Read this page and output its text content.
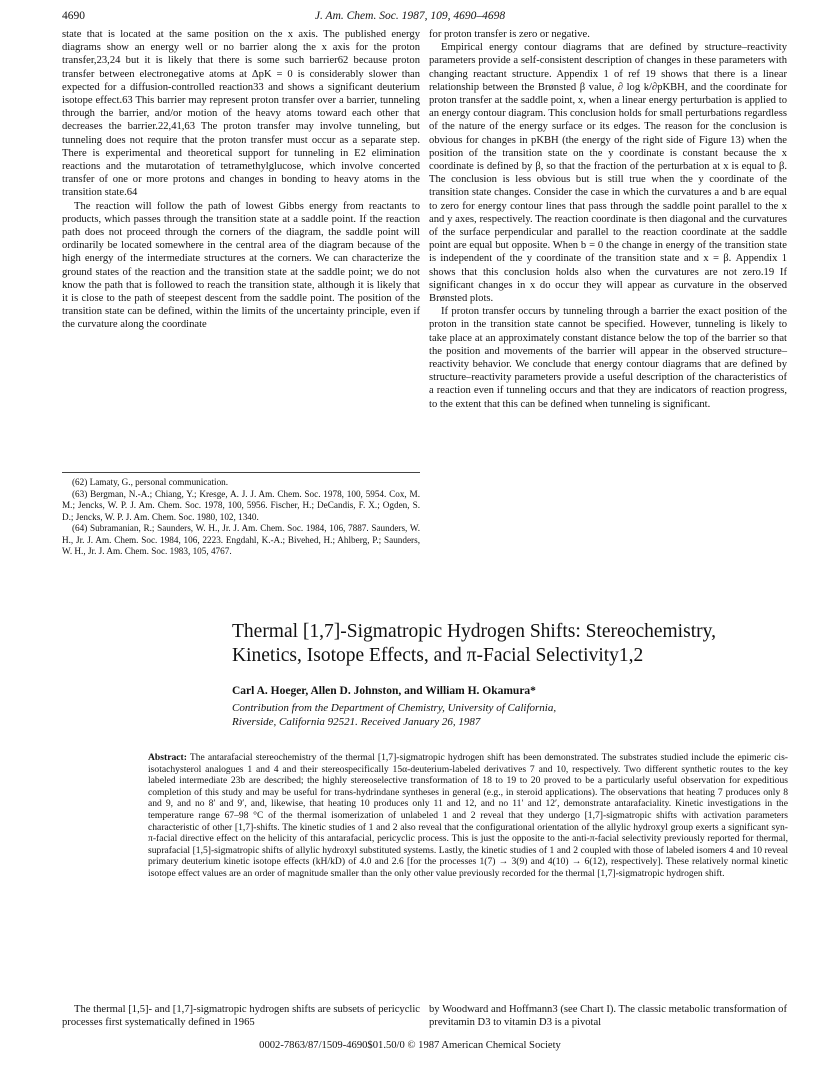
4690	J. Am. Chem. Soc. 1987, 109, 4690–4698

state that is located at the same position on the x axis. The published energy diagrams show an energy well or no barrier along the x axis for the proton transfer,23,24 but it is likely that there is some such barrier62 because proton transfer between electronegative atoms at ΔpK = 0 is considerably slower than expected for a diffusion-controlled reaction33 and shows a significant deuterium isotope effect.63 This barrier may represent proton transfer over a barrier, tunneling through the barrier, and/or motion of the heavy atoms toward each other that decreases the barrier.22,41,63 The proton transfer may involve tunneling, but tunneling does not require that the proton transfer must occur as a separate step. There is experimental and theoretical support for tunneling in E2 elimination reactions and the mutarotation of tetramethylglucose, which involve concerted transfer of one or more protons and changes in bonding to heavy atoms in the transition state.64

The reaction will follow the path of lowest Gibbs energy from reactants to products, which passes through the transition state at a saddle point. If the reaction path does not proceed through the corners of the diagram, the saddle point will ordinarily be located somewhere in the central area of the diagram because of the high energy of the intermediate structures at the corners. We can characterize the ground states of the reaction and the transition state at the saddle point; we do not know the path that is followed to reach the transition state, although it is likely that it is close to the path of steepest descent from the saddle point. The position of the transition state can be defined, within the limits of the uncertainty principle, even if the curvature along the coordinate

(62) Lamaty, G., personal communication.

(63) Bergman, N.-A.; Chiang, Y.; Kresge, A. J. J. Am. Chem. Soc. 1978, 100, 5954. Cox, M. M.; Jencks, W. P. J. Am. Chem. Soc. 1978, 100, 5956. Fischer, H.; DeCandis, F. X.; Ogden, S. D.; Jencks, W. P. J. Am. Chem. Soc. 1980, 102, 1340.

(64) Subramanian, R.; Saunders, W. H., Jr. J. Am. Chem. Soc. 1984, 106, 7887. Saunders, W. H., Jr. J. Am. Chem. Soc. 1984, 106, 2223. Engdahl, K.-A.; Bivehed, H.; Ahlberg, P.; Saunders, W. H., Jr. J. Am. Chem. Soc. 1983, 105, 4767.

for proton transfer is zero or negative.

Empirical energy contour diagrams that are defined by structure–reactivity parameters provide a self-consistent description of changes in these parameters with changing reactant structure. Appendix 1 of ref 19 shows that there is a linear relationship between the Brønsted β value, ∂ log k/∂pKBH, and the coordinate for proton transfer at the saddle point, x, when a linear energy perturbation is applied to an energy contour diagram. This conclusion holds for small perturbations regardless of the nature of the energy surface or its edges. The reason for the conclusion is obvious for changes in pKBH (the energy of the right side of Figure 13) when the position of the transition state on the y coordinate is constant because the x coordinate is defined by β, so that the fraction of the perturbation at x is equal to β. The conclusion is less obvious but is still true when the y coordinate of the transition state changes. Consider the case in which the curvatures a and b are equal to zero for energy contour lines that pass through the saddle point parallel to the x and y axes, respectively. The reaction coordinate is then diagonal and the curvatures of the surface perpendicular and parallel to the reaction coordinate at the saddle point are equal but opposite. When b = 0 the change in energy of the transition state is independent of the y coordinate of the transition state and x = β. Appendix 1 shows that this conclusion holds also when the curvatures are not zero.19 If significant changes in x do occur they will appear as curvature in the observed Brønsted plots.

If proton transfer occurs by tunneling through a barrier the exact position of the proton in the transition state cannot be specified. However, tunneling is likely to take place at an approximately constant distance below the top of the barrier so that the position and movements of the barrier will appear in the observed structure–reactivity behavior. We conclude that energy contour diagrams that are defined by structure–reactivity parameters provide a useful description of the characteristics of a reaction even if tunneling occurs and that they are indicators of reaction progress, to the extent that this can be defined when tunneling is significant.

Thermal [1,7]-Sigmatropic Hydrogen Shifts: Stereochemistry,
Kinetics, Isotope Effects, and π-Facial Selectivity1,2
Carl A. Hoeger, Allen D. Johnston, and William H. Okamura*
Contribution from the Department of Chemistry, University of California,
Riverside, California 92521. Received January 26, 1987
Abstract: The antarafacial stereochemistry of the thermal [1,7]-sigmatropic hydrogen shift has been demonstrated. The substrates studied include the epimeric cis-isotachysterol analogues 1 and 4 and their stereospecifically 15α-deuterium-labeled derivatives 7 and 10, respectively. Two different synthetic routes to the key labeled intermediate 23b are described; the highly stereoselective transformation of 18 to 19 to 20 proved to be a particularly useful observation for expeditious completion of this study and may be useful for trans-hydrindane syntheses in general (e.g., in steroid applications). The observations that heating 7 produces only 8 and 9, and no 8′ and 9′, and, likewise, that heating 10 produces only 11 and 12, and no 11′ and 12′, demonstrate antarafaciality. Kinetic investigations in the temperature range 67–98 °C of the thermal isomerization of unlabeled 1 and 2 reveal that they undergo [1,7]-sigmatropic shifts with activation parameters characteristic of other [1,7]-shifts. The kinetic studies of 1 and 2 also reveal that the configurational orientation of the allylic hydroxyl group exerts a significant syn-π-facial directive effect on the helicity of this antarafacial, pericyclic process. This is just the opposite to the anti-π-facial selectivity previously reported for thermal, suprafacial [1,5]-sigmatropic shifts of allylic hydroxyl substituted systems. Lastly, the kinetic studies of 1 and 2 coupled with those of labeled isomers 4 and 10 reveal primary deuterium kinetic isotope effects (kH/kD) of 4.0 and 2.6 [for the processes 1(7) → 3(9) and 4(10) → 6(12), respectively]. These relatively normal kinetic isotope effect values are an order of magnitude smaller than the only other value previously recorded for the thermal [1,7]-sigmatropic hydrogen shift.
The thermal [1,5]- and [1,7]-sigmatropic hydrogen shifts are subsets of pericyclic processes first systematically defined in 1965
by Woodward and Hoffmann3 (see Chart I). The classic metabolic transformation of previtamin D3 to vitamin D3 is a pivotal
0002-7863/87/1509-4690$01.50/0 © 1987 American Chemical Society
